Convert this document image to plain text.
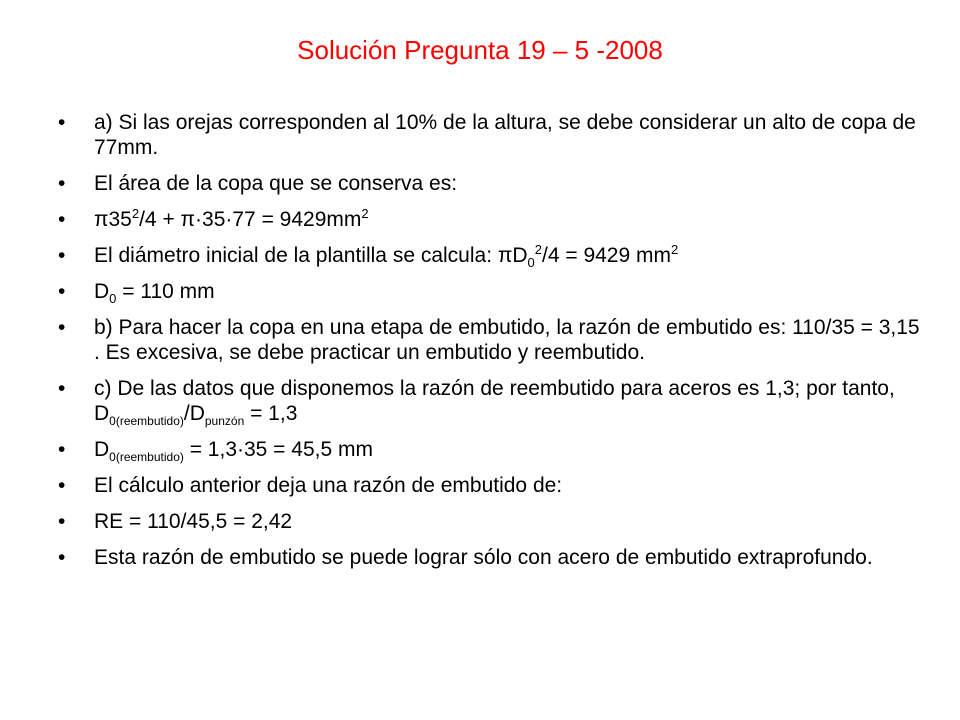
Solución Pregunta 19 – 5 -2008
•	a) Si las orejas corresponden al 10% de la altura, se debe considerar un alto de copa de 77mm.
•	El área de la copa que se conserva es:
•	$\pi 35^2/4 + \pi\cdot 35\cdot 77 = 9429mm^2$
•	El diámetro inicial de la plantilla se calcula: $\pi D_0^2/4 = 9429$ $mm^2$
•	$D_0 = 110$ mm
•	b) Para hacer la copa en una etapa de embutido, la razón de embutido es: 110/35 = 3,15 . Es excesiva, se debe practicar un embutido y reembutido.
•	c) De las datos que disponemos la razón de reembutido para aceros es 1,3; por tanto, $D_{0(reembutido)}/D_{punzón} = 1,3$
•	$D_{0(reembutido)} = 1,3\cdot 35 = 45,5$ mm
•	El cálculo anterior deja una razón de embutido de:
•	RE = 110/45,5 = 2,42
•	Esta razón de embutido se puede lograr sólo con acero de embutido extraprofundo.
